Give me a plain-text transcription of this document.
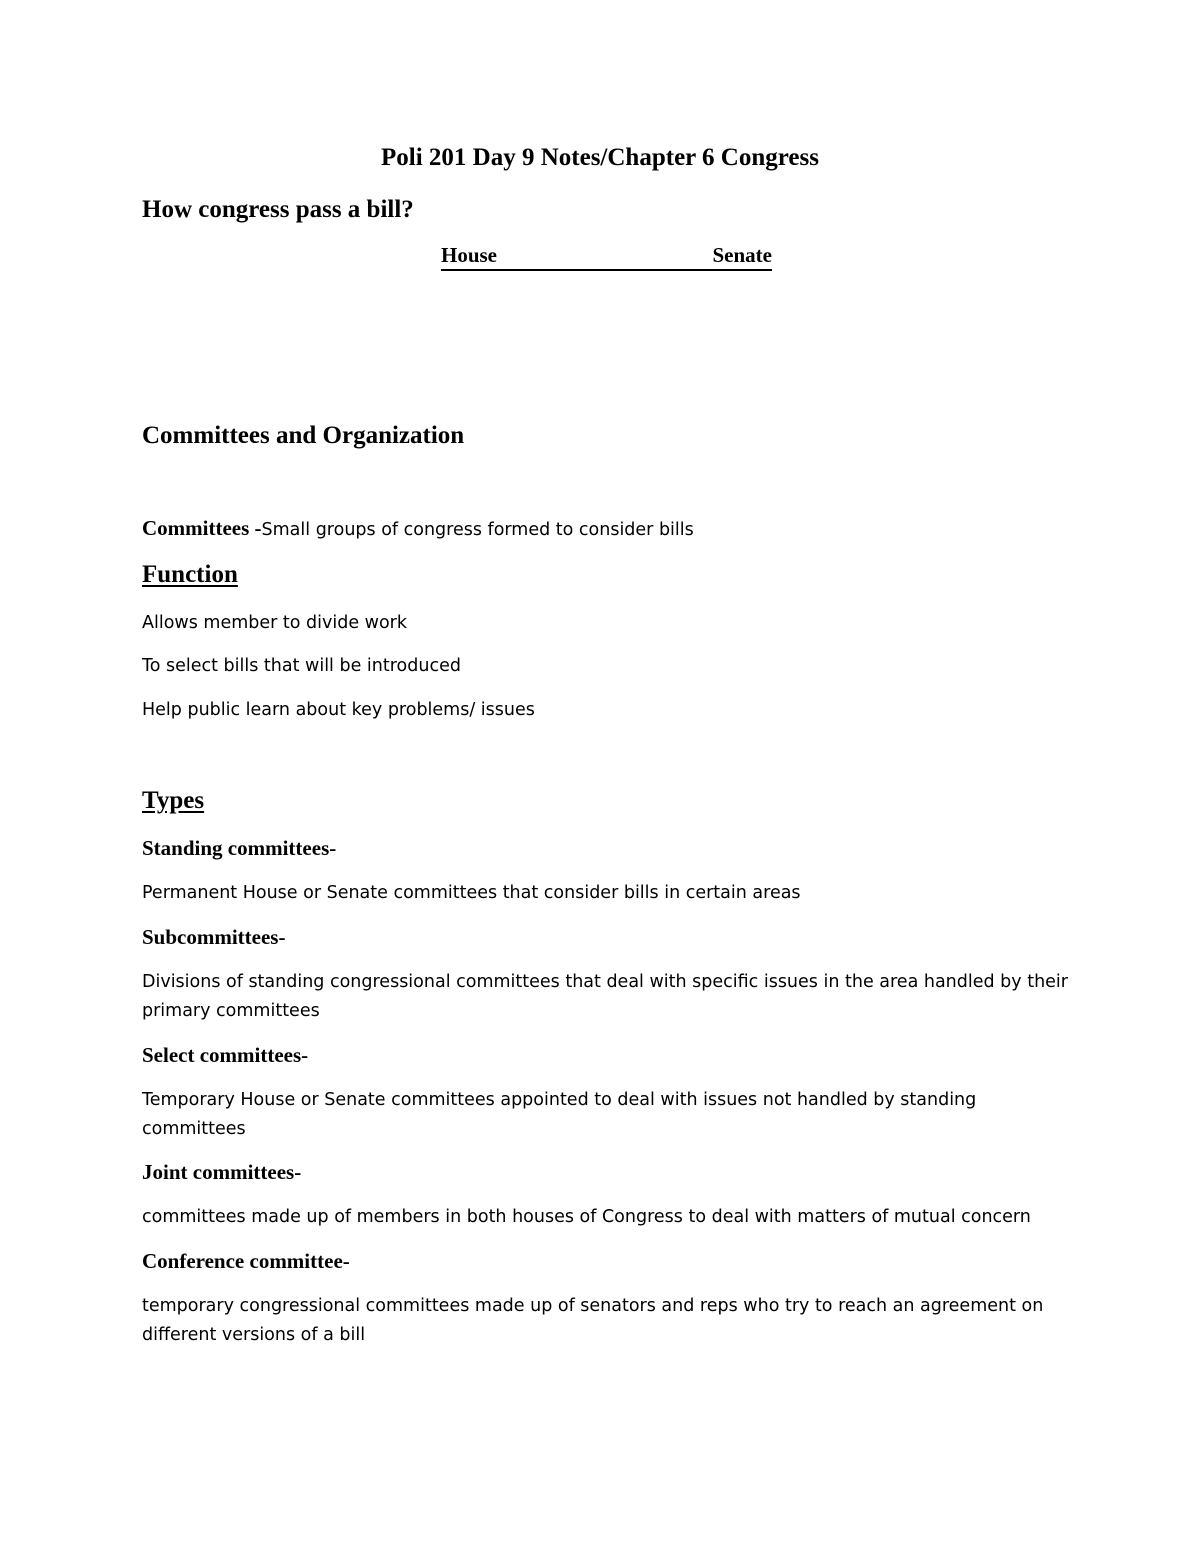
Poli 201 Day 9 Notes/Chapter 6 Congress
How congress pass a bill?
House	Senate
Committees and Organization
Committees -Small groups of congress formed to consider bills
Function
Allows member to divide work
To select bills that will be introduced
Help public learn about key problems/ issues
Types
Standing committees-
Permanent House or Senate committees that consider bills in certain areas
Subcommittees-
Divisions of standing congressional committees that deal with specific issues in the area handled by their
primary committees
Select committees-
Temporary House or Senate committees appointed to deal with issues not handled by standing
committees
Joint committees-
committees made up of members in both houses of Congress to deal with matters of mutual concern
Conference committee-
temporary congressional committees made up of senators and reps who try to reach an agreement on
different versions of a bill
